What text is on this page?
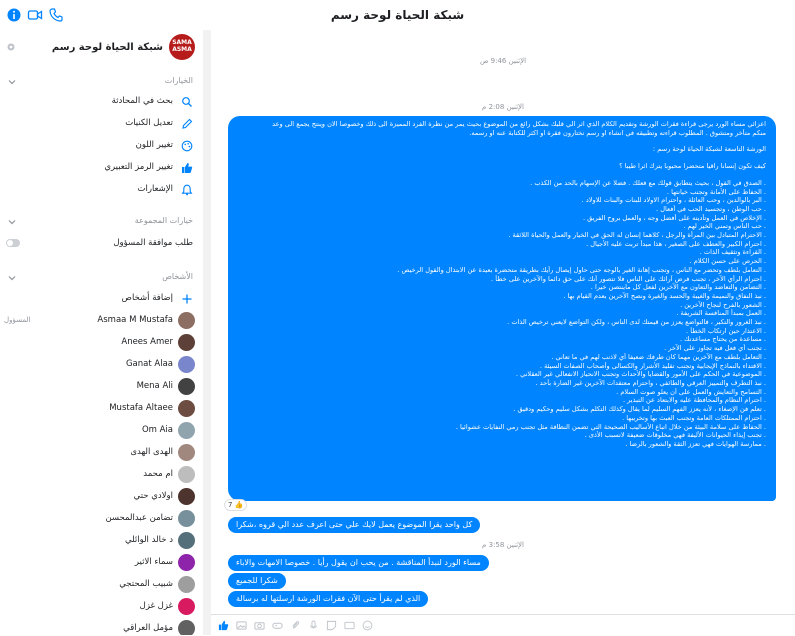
شبكة الحياة لوحة رسم
شبكة الحياة لوحة رسم	SAMA ASMA
الخيارات
بحث في المحادثة
تعديل الكنيات
تغيير اللون
تغيير الرمز التعبيري
الإشعارات
خيارات المجموعة
طلب موافقة المسؤول
الأشخاص
إضافة أشخاص
المسؤول	Asmaa M Mustafa
Anees Amer
Ganat Alaa
Mena Ali
Mustafa Altaee
Om Aia
الهدى الهدى
ام محمد
اولادي حتي
تضامن عبدالمحسن
د خالد الوائلي
سماء الاثير
شبيب المحتجي
غزل غزل
مؤمل العراقي
الإثنين 9:46 ص
الإثنين 2:08 م
اعزائي مساء الورد يرجى قراءة فقرات الورشة وتقديم الكلام الذي اثر الي قلبك بشكل رائع من الموضوع بحيث يمر من نظرة الفرد المميزة الى ذلك وخصوصا الان وينتج يجمع الى وعد
منكم متأخر ومتشوق . المطلوب قراءته وتطبيقه في انشاء او رسم نختارون فقرة او اكثر للكتابة عنه او رسمه.
الورشة التاسعة لشبكة الحياة لوحة رسم :
كيف تكون إنسانا راقيا متحضرا محبوبا يترك اثرا طيبا ؟
. الصدق في القول ، بحيث يتطابق قولك مع فعلك . فضلا عن الإسهام بالحد من الكذب .
. الحفاظ على الأمانة وتجنب خيانتها .
. البر بالوالدين ، وحب العائلة ، واحترام الاولاد للبنات والبنات للاولاد .
. حب الوطن ، وتجسيد الحب في أفعال .
. الإخلاص في العمل وتأديته على أفضل وجه ، والعمل بروح الفريق .
. حب الناس وتمني الخير لهم .
. الاحترام المتبادل بين المرأة والرجل ، كلاهما إنسان له الحق في الخيار والعمل والحياة اللائقة .
. احترام الكبير والعطف على الصغير ، هذا مبدأ تربت عليه الأجيال .
. القراءة وتثقيف الذات .
. الحرص على حسن الكلام .
. التعامل بلطف وتحضر مع الناس ، وتجنب إهانة الغير بالوجه حتى حاول إيصال رأيك بطريقة متحضرة بعيدة عن الابتذال والقول الرخيص .
. احترام الرأي الآخر ، تجنب فرض آرائك على الناس فلا تتصور أنك على حق دائما والآخرين على خطأ .
. التضامن والتعاضد والتعاون مع الآخرين لفعل كل ماينتصن خيرا .
. نبذ النفاق والنميمة والغيبة والحسد والغيرة ونصح الآخرين بعدم القيام بها .
. الشعور بالفرح لنجاح الآخرين .
. العمل بمبدأ المنافسة الشريفة .
. نبذ الغرور والتكبر ، فالتواضع يعزز من قيمتك لدى الناس ، ولكن التواضع لايعني ترخيص الذات .
. الاعتذار حين ارتكاب الخطأ .
. مساعدة من يحتاج مساعدتك .
. تجنب أي فعل فيه تجاوز على الآخر .
. التعامل بلطف مع الآخرين مهما كان طرفك ضعيفا أي لاذنب لهم في ما تعاني .
. الاقتداء بالنماذج الإيجابية وتجنب تقليد الأشرار والكسالى وأصحاب الصفات السيئة .
. الموضوعية في الحكم على الأمور والقضايا والأحداث وتجنب الانحياز الانفعالي غير العقلاني .
. نبذ التطرف والتمييز العرقي والطائفي ، واحترام معتقدات الآخرين غير الضارة بأحد .
. التسامح والتعايش والعمل على أن يعلو صوت السلام .
. احترام النظام والمحافظة عليه والابتعاد عن التبذير .
. تعلم فن الإصغاء ، لأنه يعزز الفهم السليم لما يقال وكذلك التكلم بشكل سليم وحكيم ودقيق .
. احترام الممتلكات العامة وتجنب العبث بها وتخريبها .
. الحفاظ على سلامة البيئة من خلال اتباع الأساليب الصحيحة التي تضمن النظافة مثل تجنب رمي النفايات عشوائيا .
. تجنب إيذاء الحيوانات الأليفة فهي مخلوقات ضعيفة لاتسبب الأذى .
. ممارسة الهوايات فهي تعزز الثقة والشعور بالرضا .
7 👍
كل واحد يقرا الموضوع يعمل لايك علي حتى اعرف عدد الي قروه ،شكرا
الإثنين 3:58 م
مساء الورد لنبدأ المناقشة . من يحب ان يقول رأيا . خصوصا الامهات والاباء
شكرا للجميع
الذي لم يقرأ حتى الآن فقرات الورشة ارسلتها له برسالة
